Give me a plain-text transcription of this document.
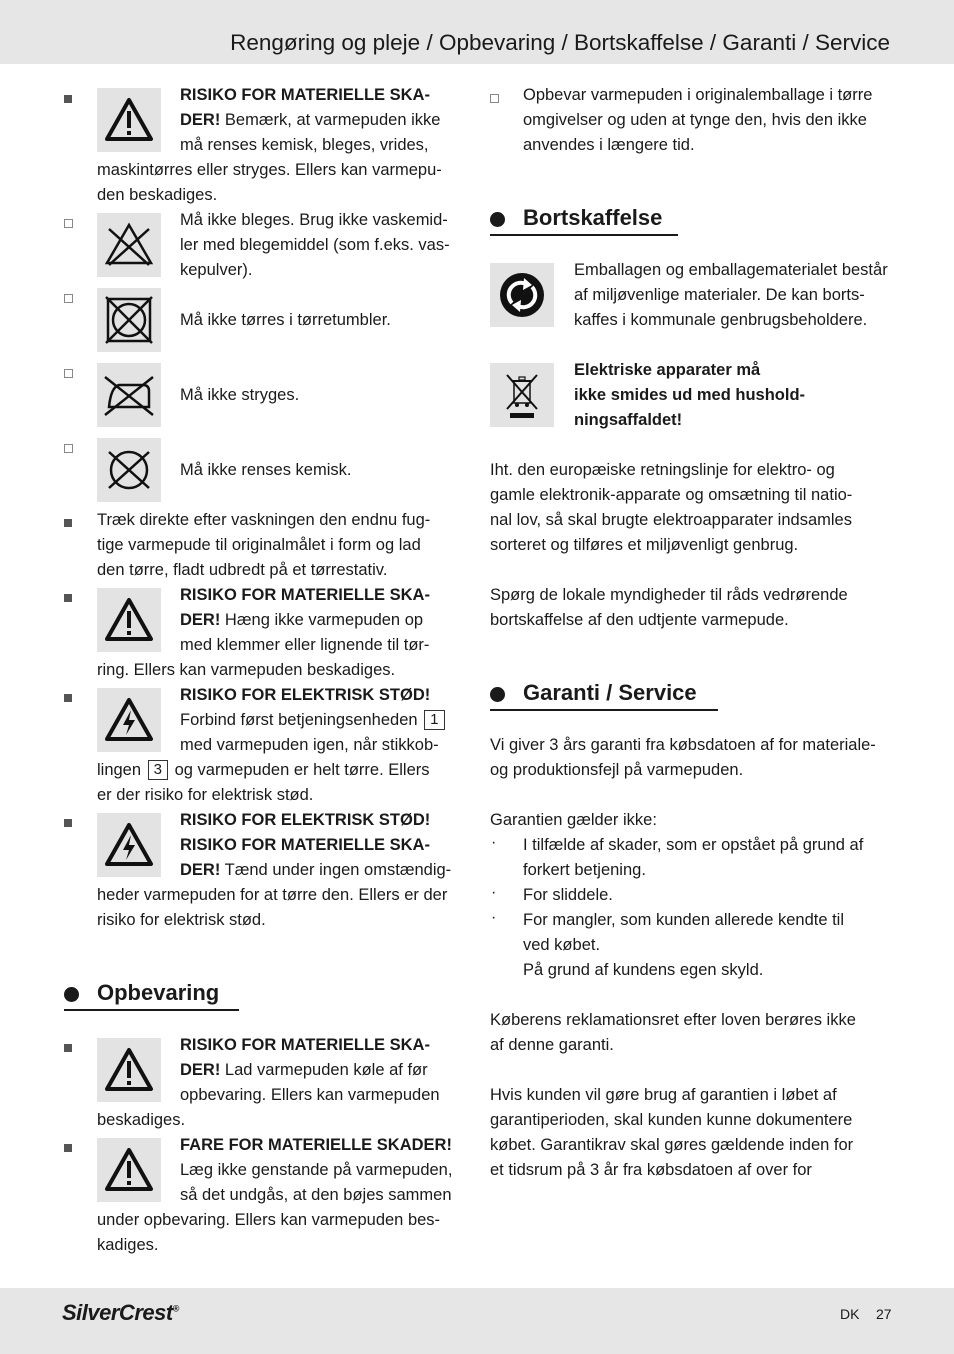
Rengøring og pleje / Opbevaring / Bortskaffelse / Garanti / Service
RISIKO FOR MATERIELLE SKA-
DER! Bemærk, at varmepuden ikke
må renses kemisk, bleges, vrides,
maskintørres eller stryges. Ellers kan varmepu-
den beskadiges.
Må ikke bleges. Brug ikke vaskemid-
ler med blegemiddel (som f.eks. vas-
kepulver).
Må ikke tørres i tørretumbler.
Må ikke stryges.
Må ikke renses kemisk.
Træk direkte efter vaskningen den endnu fug-
tige varmepude til originalmålet i form og lad
den tørre, fladt udbredt på et tørrestativ.
RISIKO FOR MATERIELLE SKA-
DER! Hæng ikke varmepuden op
med klemmer eller lignende til tør-
ring. Ellers kan varmepuden beskadiges.
RISIKO FOR ELEKTRISK STØD!
Forbind først betjeningsenheden 1
med varmepuden igen, når stikkob-
lingen 3 og varmepuden er helt tørre. Ellers
er der risiko for elektrisk stød.
RISIKO FOR ELEKTRISK STØD!
RISIKO FOR MATERIELLE SKA-
DER! Tænd under ingen omstændig-
heder varmepuden for at tørre den. Ellers er der
risiko for elektrisk stød.
Opbevaring
RISIKO FOR MATERIELLE SKA-
DER! Lad varmepuden køle af før
opbevaring. Ellers kan varmepuden
beskadiges.
FARE FOR MATERIELLE SKADER!
Læg ikke genstande på varmepuden,
så det undgås, at den bøjes sammen
under opbevaring. Ellers kan varmepuden bes-
kadiges.
Opbevar varmepuden i originalemballage i tørre
omgivelser og uden at tynge den, hvis den ikke
anvendes i længere tid.
Bortskaffelse
Emballagen og emballagematerialet består
af miljøvenlige materialer. De kan borts-
kaffes i kommunale genbrugsbeholdere.
Elektriske apparater må
ikke smides ud med hushold-
ningsaffaldet!
Iht. den europæiske retningslinje for elektro- og
gamle elektronik-apparate og omsætning til natio-
nal lov, så skal brugte elektroapparater indsamles
sorteret og tilføres et miljøvenligt genbrug.
Spørg de lokale myndigheder til råds vedrørende
bortskaffelse af den udtjente varmepude.
Garanti / Service
Vi giver 3 års garanti fra købsdatoen af for materiale-
og produktionsfejl på varmepuden.
Garantien gælder ikke:
· I tilfælde af skader, som er opstået på grund af
forkert betjening.
· For sliddele.
· For mangler, som kunden allerede kendte til
ved købet.
På grund af kundens egen skyld.
Køberens reklamationsret efter loven berøres ikke
af denne garanti.
Hvis kunden vil gøre brug af garantien i løbet af
garantiperioden, skal kunden kunne dokumentere
købet. Garantikrav skal gøres gældende inden for
et tidsrum på 3 år fra købsdatoen af over for
SilverCrest®	DK 27
